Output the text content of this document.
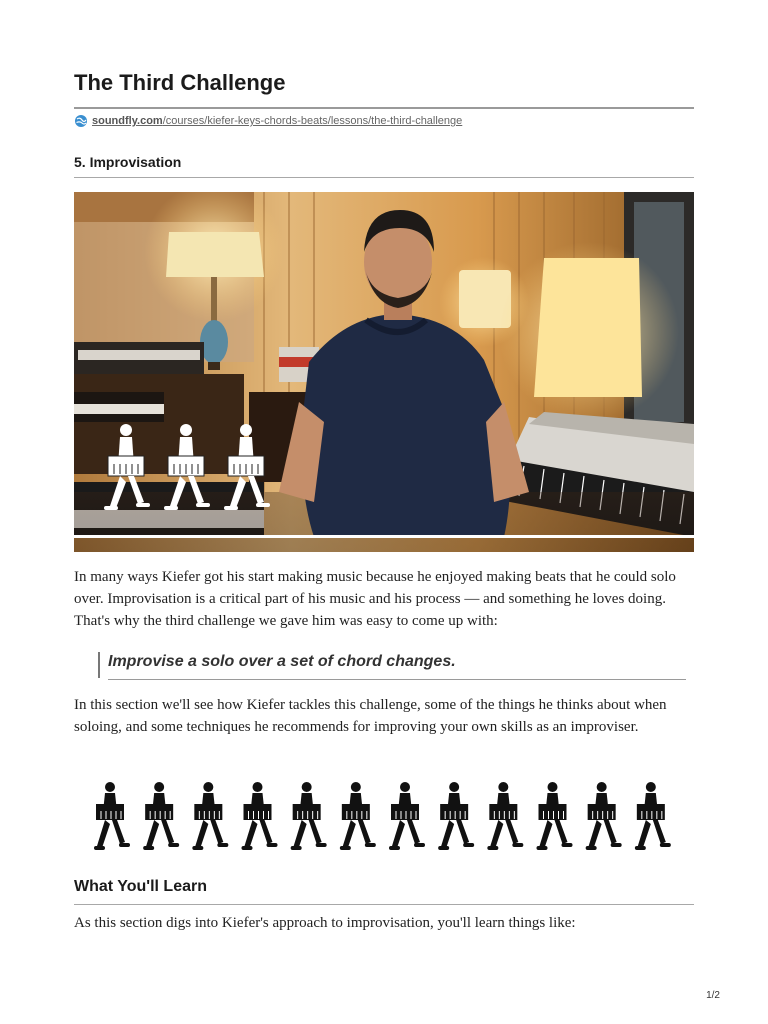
The Third Challenge
soundfly.com/courses/kiefer-keys-chords-beats/lessons/the-third-challenge
5. Improvisation

In many ways Kiefer got his start making music because he enjoyed making beats that he could solo over. Improvisation is a critical part of his music and his process — and something he loves doing. That's why the third challenge we gave him was easy to come up with:

Improvise a solo over a set of chord changes.

In this section we'll see how Kiefer tackles this challenge, some of the things he thinks about when soloing, and some techniques he recommends for improving your own skills as an improviser.

What You'll Learn

As this section digs into Kiefer's approach to improvisation, you'll learn things like:

1/2
